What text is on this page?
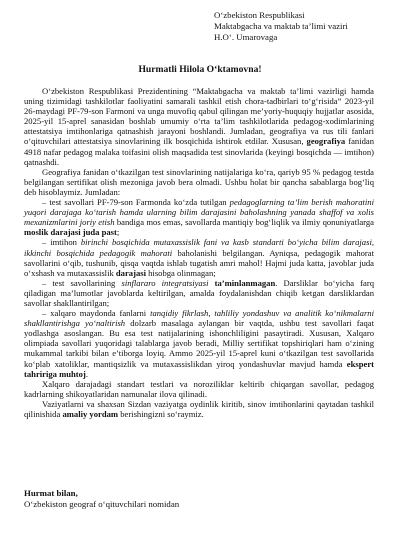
O‘zbekiston Respublikasi
Maktabgacha va maktab ta’limi vaziri
H.O‘. Umarovaga
Hurmatli Hilola O‘ktamovna!

O‘zbekiston Respublikasi Prezidentining “Maktabgacha va maktab ta’limi vazirligi hamda uning tizimidagi tashkilotlar faoliyatini samarali tashkil etish chora-tadbirlari to‘g‘risida” 2023-yil 26-maydagi PF-79-son Farmoni va unga muvofiq qabul qilingan me’yoriy-huquqiy hujjatlar asosida, 2025-yil 15-aprel sanasidan boshlab umumiy o‘rta ta’lim tashkilotlarida pedagog-xodimlarining attestatsiya imtihonlariga qatnashish jarayoni boshlandi. Jumladan, geografiya va rus tili fanlari o‘qituvchilari attestatsiya sinovlarining ilk bosqichida ishtirok etdilar. Xususan, geografiya fanidan 4918 nafar pedagog malaka toifasini olish maqsadida test sinovlarida (keyingi bosqichda — imtihon) qatnashdi.

Geografiya fanidan o‘tkazilgan test sinovlarining natijalariga ko‘ra, qariyb 95 % pedagog testda belgilangan sertifikat olish mezoniga javob bera olmadi. Ushbu holat bir qancha sabablarga bog‘liq deb hisoblaymiz. Jumladan:

– test savollari PF-79-son Farmonda ko‘zda tutilgan pedagoglarning ta’lim berish mahoratini yuqori darajaga ko‘tarish hamda ularning bilim darajasini baholashning yanada shaffof va xolis mexanizmlarini joriy etish bandiga mos emas, savollarda mantiqiy bog‘liqlik va ilmiy qonuniyatlarga moslik darajasi juda past;

– imtihon birinchi bosqichida mutaxassislik fani va kasb standarti bo‘yicha bilim darajasi, ikkinchi bosqichida pedagogik mahorati baholanishi belgilangan. Ayniqsa, pedagogik mahorat savollarini o‘qib, tushunib, qisqa vaqtda ishlab tugatish amri mahol! Hajmi juda katta, javoblar juda o‘xshash va mutaxassislik darajasi hisobga olinmagan;

– test savollarining sinflararo integratsiyasi ta’minlanmagan. Darsliklar bo‘yicha farq qiladigan ma’lumotlar javoblarda keltirilgan, amalda foydalanishdan chiqib ketgan darsliklardan savollar shakllantirilgan;

– xalqaro maydonda fanlarni tanqidiy fikrlash, tahliliy yondashuv va analitik ko‘nikmalarni shakllantirishga yo‘naltirish dolzarb masalaga aylangan bir vaqtda, ushbu test savollari faqat yodlashga asoslangan. Bu esa test natijalarining ishonchliligini pasaytiradi. Xususan, Xalqaro olimpiada savollari yuqoridagi talablarga javob beradi, Milliy sertifikat topshiriqlari ham o‘zining mukammal tarkibi bilan e’tiborga loyiq. Ammo 2025-yil 15-aprel kuni o‘tkazilgan test savollarida ko‘plab xatoliklar, mantiqsizlik va mutaxassislikdan yiroq yondashuvlar mavjud hamda ekspert tahririga muhtoj.

Xalqaro darajadagi standart testlari va noroziliklar keltirib chiqargan savollar, pedagog kadrlarning shikoyatlaridan namunalar ilova qilinadi.

Vaziyatlarni va shaxsan Sizdan vaziyatga oydinlik kiritib, sinov imtihonlarini qaytadan tashkil qilinishida amaliy yordam berishingizni so‘raymiz.

Hurmat bilan,
O‘zbekiston geograf o‘qituvchilari nomidan
